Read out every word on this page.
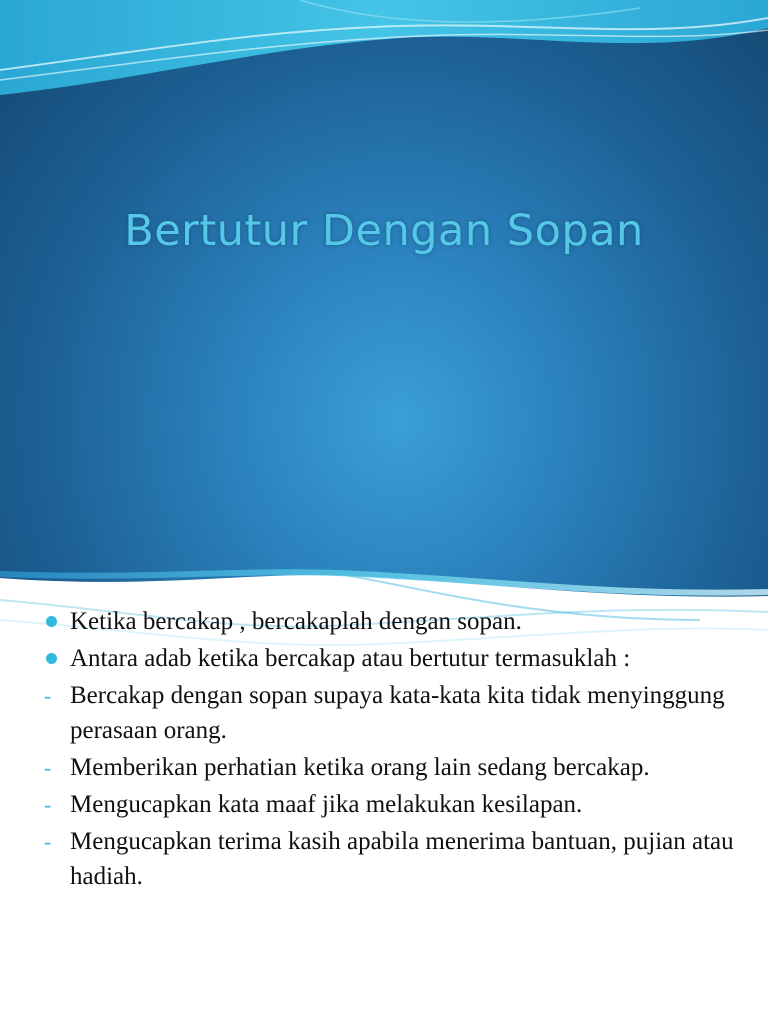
Bertutur Dengan Sopan
Ketika bercakap , bercakaplah dengan sopan.
Antara adab ketika bercakap atau bertutur termasuklah :
- Bercakap dengan sopan supaya kata-kata kita tidak menyinggung perasaan orang.
- Memberikan perhatian ketika orang lain sedang bercakap.
- Mengucapkan kata maaf jika melakukan kesilapan.
- Mengucapkan terima kasih apabila menerima bantuan, pujian atau hadiah.
